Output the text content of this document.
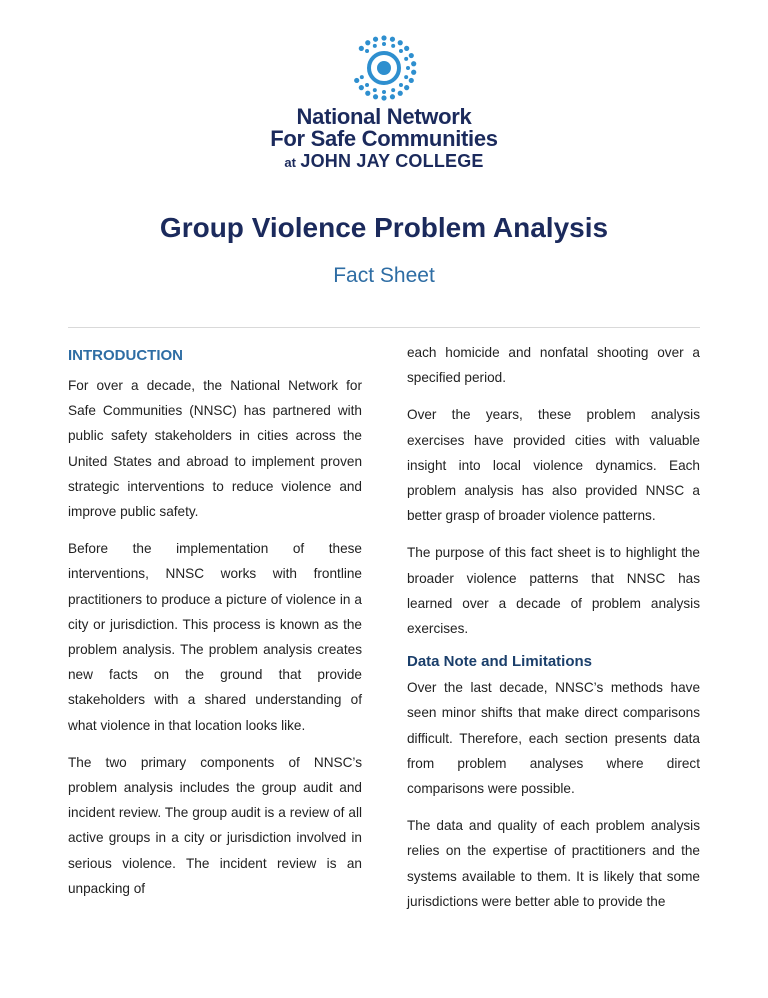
National Network
For Safe Communities
at JOHN JAY COLLEGE
Group Violence Problem Analysis
Fact Sheet
INTRODUCTION

For over a decade, the National Network for Safe Communities (NNSC) has partnered with public safety stakeholders in cities across the United States and abroad to implement proven strategic interventions to reduce violence and improve public safety.

Before the implementation of these interventions, NNSC works with frontline practitioners to produce a picture of violence in a city or jurisdiction. This process is known as the problem analysis. The problem analysis creates new facts on the ground that provide stakeholders with a shared understanding of what violence in that location looks like.

The two primary components of NNSC’s problem analysis includes the group audit and incident review. The group audit is a review of all active groups in a city or jurisdiction involved in serious violence. The incident review is an unpacking of

each homicide and nonfatal shooting over a specified period.

Over the years, these problem analysis exercises have provided cities with valuable insight into local violence dynamics. Each problem analysis has also provided NNSC a better grasp of broader violence patterns.

The purpose of this fact sheet is to highlight the broader violence patterns that NNSC has learned over a decade of problem analysis exercises.

Data Note and Limitations

Over the last decade, NNSC’s methods have seen minor shifts that make direct comparisons difficult. Therefore, each section presents data from problem analyses where direct comparisons were possible.

The data and quality of each problem analysis relies on the expertise of practitioners and the systems available to them. It is likely that some jurisdictions were better able to provide the
